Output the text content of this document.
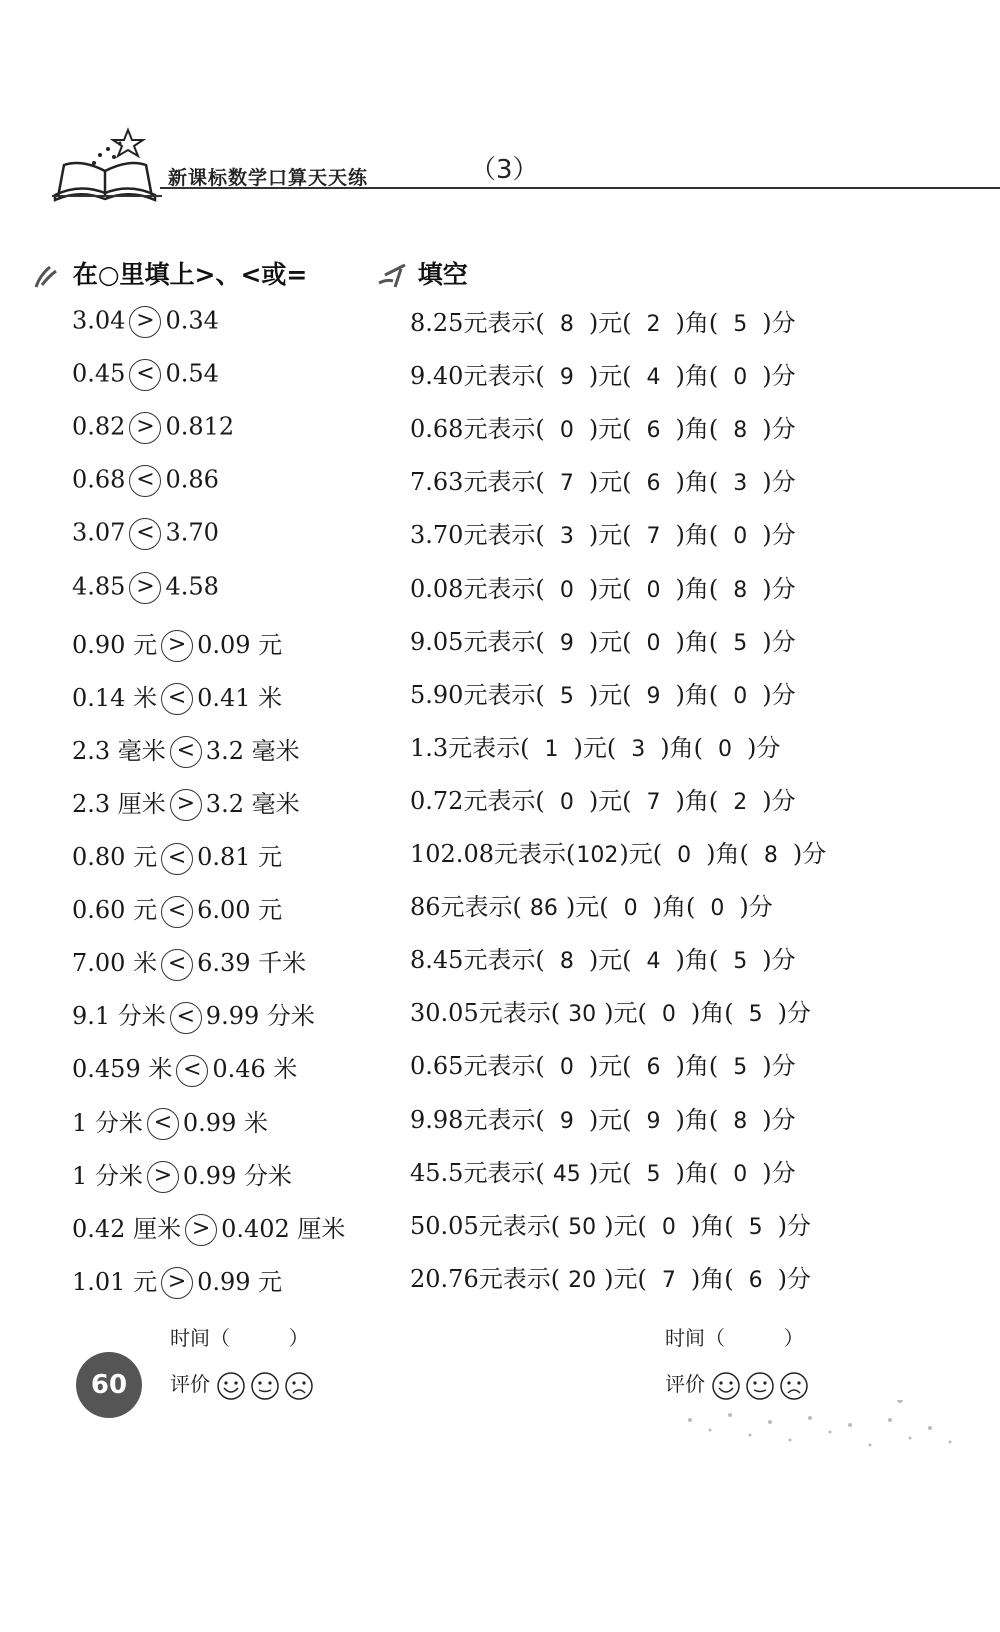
新课标数学口算天天练	（3）
在○里填上>、<或=	填空
3.04 > 0.34
0.45 < 0.54
0.82 > 0.812
0.68 < 0.86
3.07 < 3.70
4.85 > 4.58
0.90 元 > 0.09 元
0.14 米 < 0.41 米
2.3 毫米 < 3.2 毫米
2.3 厘米 > 3.2 毫米
0.80 元 < 0.81 元
0.60 元 < 6.00 元
7.00 米 < 6.39 千米
9.1 分米 < 9.99 分米
0.459 米 < 0.46 米
1 分米 < 0.99 米
1 分米 > 0.99 分米
0.42 厘米 > 0.402 厘米
1.01 元 > 0.99 元
8.25元表示( 8 )元( 2 )角( 5 )分
9.40元表示( 9 )元( 4 )角( 0 )分
0.68元表示( 0 )元( 6 )角( 8 )分
7.63元表示( 7 )元( 6 )角( 3 )分
3.70元表示( 3 )元( 7 )角( 0 )分
0.08元表示( 0 )元( 0 )角( 8 )分
9.05元表示( 9 )元( 0 )角( 5 )分
5.90元表示( 5 )元( 9 )角( 0 )分
1.3元表示( 1 )元( 3 )角( 0 )分
0.72元表示( 0 )元( 7 )角( 2 )分
102.08元表示(102)元( 0 )角( 8 )分
86元表示( 86 )元( 0 )角( 0 )分
8.45元表示( 8 )元( 4 )角( 5 )分
30.05元表示( 30 )元( 0 )角( 5 )分
0.65元表示( 0 )元( 6 )角( 5 )分
9.98元表示( 9 )元( 9 )角( 8 )分
45.5元表示( 45 )元( 5 )角( 0 )分
50.05元表示( 50 )元( 0 )角( 5 )分
20.76元表示( 20 )元( 7 )角( 6 )分
60
时间（	）
评价
时间（	）
评价
